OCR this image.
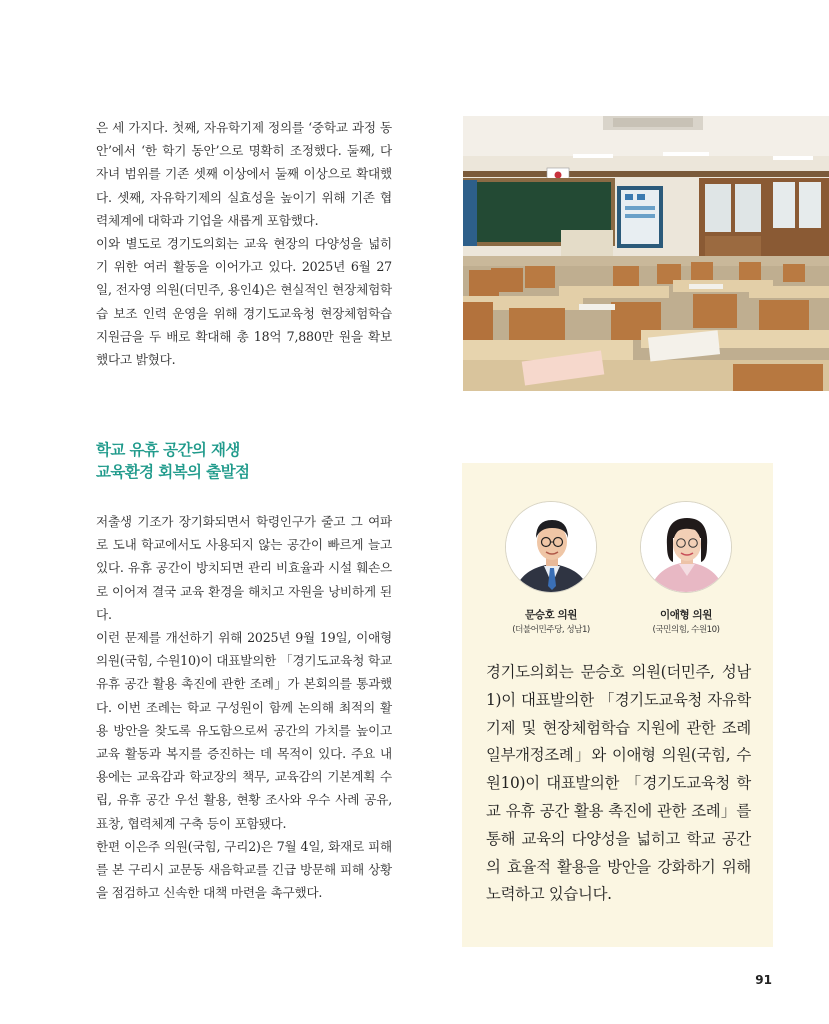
은 세 가지다. 첫째, 자유학기제 정의를 ‘중학교 과정 동안’에서 ‘한 학기 동안’으로 명확히 조정했다. 둘째, 다자녀 범위를 기존 셋째 이상에서 둘째 이상으로 확대했다. 셋째, 자유학기제의 실효성을 높이기 위해 기존 협력체계에 대학과 기업을 새롭게 포함했다.

이와 별도로 경기도의회는 교육 현장의 다양성을 넓히기 위한 여러 활동을 이어가고 있다. 2025년 6월 27일, 전자영 의원(더민주, 용인4)은 현실적인 현장체험학습 보조 인력 운영을 위해 경기도교육청 현장체험학습 지원금을 두 배로 확대해 총 18억 7,880만 원을 확보했다고 밝혔다.

학교 유휴 공간의 재생
교육환경 회복의 출발점

저출생 기조가 장기화되면서 학령인구가 줄고 그 여파로 도내 학교에서도 사용되지 않는 공간이 빠르게 늘고 있다. 유휴 공간이 방치되면 관리 비효율과 시설 훼손으로 이어져 결국 교육 환경을 해치고 자원을 낭비하게 된다.

이런 문제를 개선하기 위해 2025년 9월 19일, 이애형 의원(국힘, 수원10)이 대표발의한 「경기도교육청 학교 유휴 공간 활용 촉진에 관한 조례」가 본회의를 통과했다. 이번 조례는 학교 구성원이 함께 논의해 최적의 활용 방안을 찾도록 유도함으로써 공간의 가치를 높이고 교육 활동과 복지를 증진하는 데 목적이 있다. 주요 내용에는 교육감과 학교장의 책무, 교육감의 기본계획 수립, 유휴 공간 우선 활용, 현황 조사와 우수 사례 공유, 표창, 협력체계 구축 등이 포함됐다.

한편 이은주 의원(국힘, 구리2)은 7월 4일, 화재로 피해를 본 구리시 교문동 새음학교를 긴급 방문해 피해 상황을 점검하고 신속한 대책 마련을 촉구했다.

문승호 의원
(더불어민주당, 성남1)
이애형 의원
(국민의힘, 수원10)

경기도의회는 문승호 의원(더민주, 성남1)이 대표발의한 「경기도교육청 자유학기제 및 현장체험학습 지원에 관한 조례 일부개정조례」와 이애형 의원(국힘, 수원10)이 대표발의한 「경기도교육청 학교 유휴 공간 활용 촉진에 관한 조례」를 통해 교육의 다양성을 넓히고 학교 공간의 효율적 활용을 방안을 강화하기 위해 노력하고 있습니다.

91
